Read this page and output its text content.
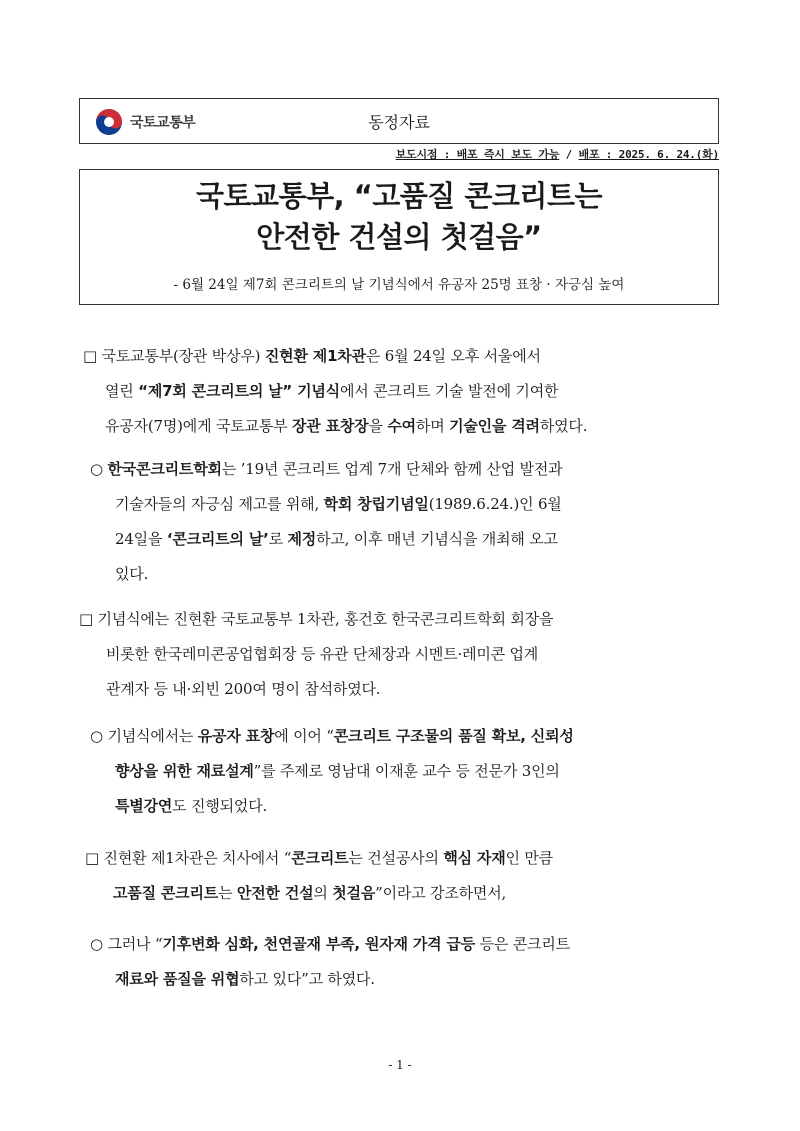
국토교통부	동정자료
보도시점 : 배포 즉시 보도 가능 / 배포 : 2025. 6. 24.(화)
국토교통부, “고품질 콘크리트는
안전한 건설의 첫걸음”
- 6월 24일 제7회 콘크리트의 날 기념식에서 유공자 25명 표창 · 자긍심 높여
□ 국토교통부(장관 박상우) 진현환 제1차관은 6월 24일 오후 서울에서
열린 “제7회 콘크리트의 날” 기념식에서 콘크리트 기술 발전에 기여한
유공자(7명)에게 국토교통부 장관 표창장을 수여하며 기술인을 격려하였다.
○ 한국콘크리트학회는 ’19년 콘크리트 업계 7개 단체와 함께 산업 발전과
기술자들의 자긍심 제고를 위해, 학회 창립기념일(1989.6.24.)인 6월
24일을 ‘콘크리트의 날’로 제정하고, 이후 매년 기념식을 개최해 오고
있다.
□ 기념식에는 진현환 국토교통부 1차관, 홍건호 한국콘크리트학회 회장을
비롯한 한국레미콘공업협회장 등 유관 단체장과 시멘트·레미콘 업계
관계자 등 내·외빈 200여 명이 참석하였다.
○ 기념식에서는 유공자 표창에 이어 “콘크리트 구조물의 품질 확보, 신뢰성
향상을 위한 재료설계”를 주제로 영남대 이재훈 교수 등 전문가 3인의
특별강연도 진행되었다.
□ 진현환 제1차관은 치사에서 “콘크리트는 건설공사의 핵심 자재인 만큼
고품질 콘크리트는 안전한 건설의 첫걸음”이라고 강조하면서,
○ 그러나 “기후변화 심화, 천연골재 부족, 원자재 가격 급등 등은 콘크리트
재료와 품질을 위협하고 있다”고 하였다.
- 1 -
